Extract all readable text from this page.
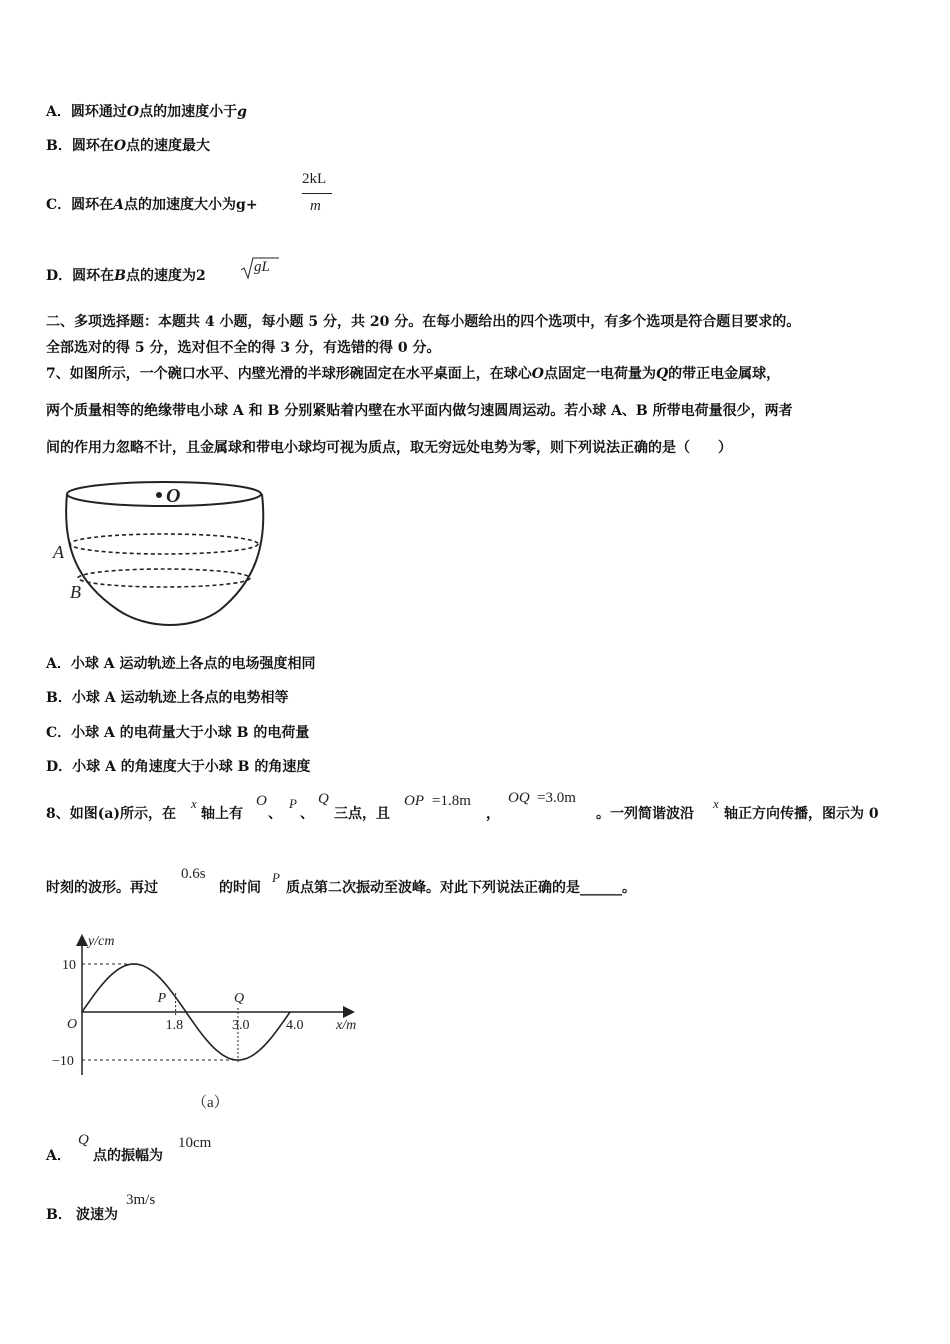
A．圆环通过O点的加速度小于g
B．圆环在O点的速度最大
C．圆环在A点的加速度大小为g+
2kL
m
D．圆环在B点的速度为2
gL
二、多项选择题：本题共 4 小题，每小题 5 分，共 20 分。在每小题给出的四个选项中，有多个选项是符合题目要求的。
全部选对的得 5 分，选对但不全的得 3 分，有选错的得 0 分。
7、如图所示，一个碗口水平、内壁光滑的半球形碗固定在水平桌面上，在球心O点固定一电荷量为Q的带正电金属球，
两个质量相等的绝缘带电小球 A 和 B 分别紧贴着内壁在水平面内做匀速圆周运动。若小球 A、B 所带电荷量很少，两者
间的作用力忽略不计，且金属球和带电小球均可视为质点，取无穷远处电势为零，则下列说法正确的是（　　）
O
A
B
A．小球 A 运动轨迹上各点的电场强度相同
B．小球 A 运动轨迹上各点的电势相等
C．小球 A 的电荷量大于小球 B 的电荷量
D．小球 A 的角速度大于小球 B 的角速度
8、如图(a)所示，在
x
轴上有
O
、
P
、
Q
三点，且
OP =1.8m
，
OQ =3.0m
。一列简谐波沿
x
轴正方向传播，图示为 0
时刻的波形。再过
0.6s
的时间
P
质点第二次振动至波峰。对此下列说法正确的是______。
P	Q
1.8	3.0	4.0
y/cm
x/m
10
−10
O
（a）
A．
Q
点的振幅为
10cm
B． 波速为
3m/s
